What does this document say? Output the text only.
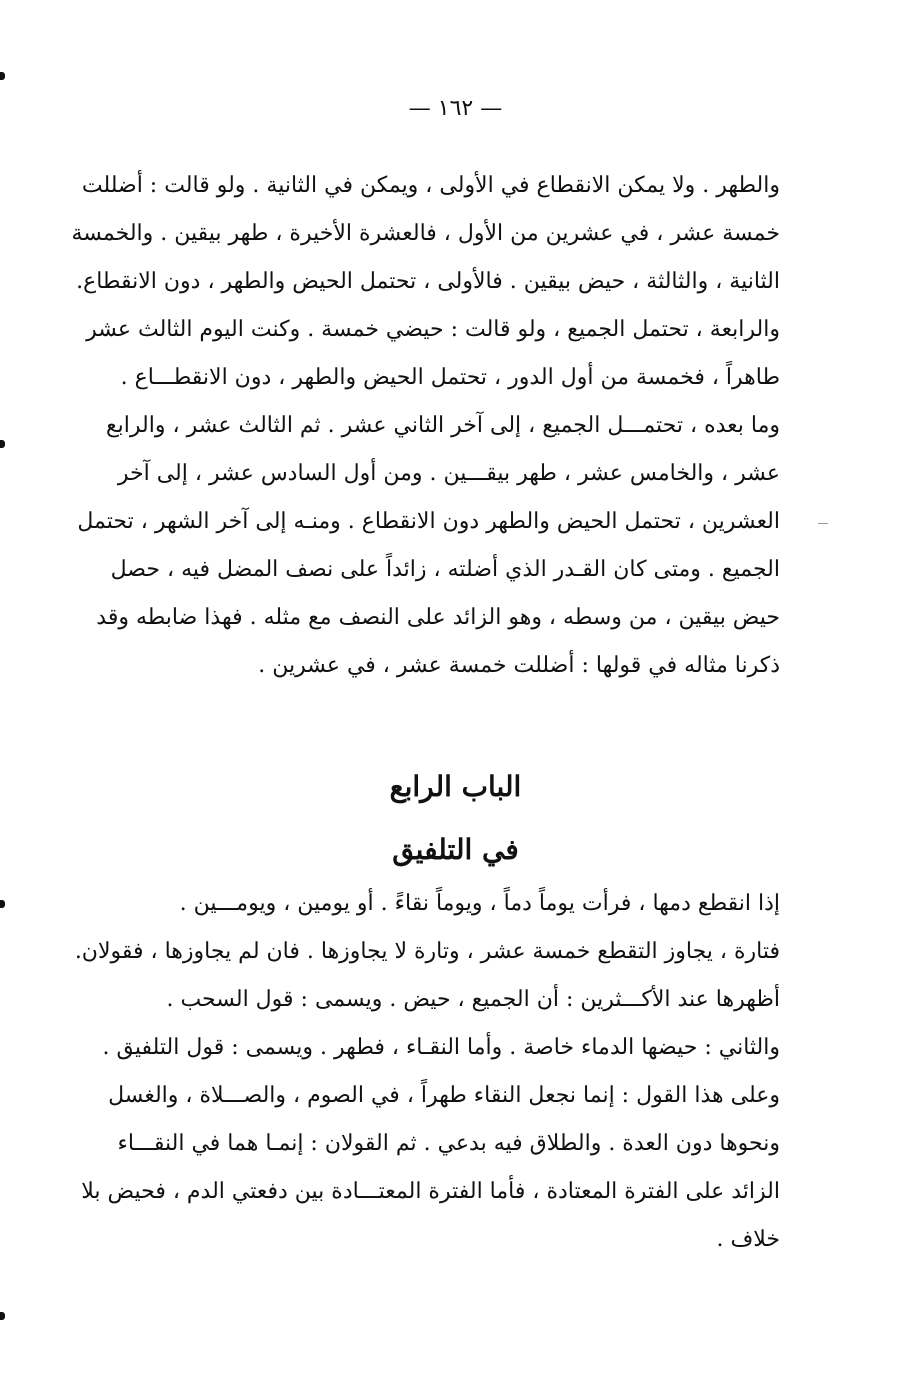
— ١٦٢ —
والطهر . ولا يمكن الانقطاع في الأولى ، ويمكن في الثانية . ولو قالت : أضللت
خمسة عشر ، في عشرين من الأول ، فالعشرة الأخيرة ، طهر بيقين . والخمسة
الثانية ، والثالثة ، حيض بيقين . فالأولى ، تحتمل الحيض والطهر ، دون الانقطاع.
والرابعة ، تحتمل الجميع ، ولو قالت : حيضي خمسة . وكنت اليوم الثالث عشر
طاهراً ، فخمسة من أول الدور ، تحتمل الحيض والطهر ، دون الانقطـــاع .
وما بعده ، تحتمـــل الجميع ، إلى آخر الثاني عشر . ثم الثالث عشر ، والرابع
عشر ، والخامس عشر ، طهر بيقـــين . ومن أول السادس عشر ، إلى آخر
العشرين ، تحتمل الحيض والطهر دون الانقطاع . ومنـه إلى آخر الشهر ، تحتمل
الجميع . ومتى كان القـدر الذي أضلته ، زائداً على نصف المضل فيه ، حصل
حيض بيقين ، من وسطه ، وهو الزائد على النصف مع مثله . فهذا ضابطه وقد
ذكرنا مثاله في قولها : أضللت خمسة عشر ، في عشرين .
الباب الرابع
في التلفيق
إذا انقطع دمها ، فرأت يوماً دماً ، ويوماً نقاءً . أو يومين ، ويومـــين .
فتارة ، يجاوز التقطع خمسة عشر ، وتارة لا يجاوزها . فان لم يجاوزها ، فقولان.
أظهرها عند الأكـــثرين : أن الجميع ، حيض . ويسمى : قول السحب .
والثاني : حيضها الدماء خاصة . وأما النقـاء ، فطهر . ويسمى : قول التلفيق .
وعلى هذا القول : إنما نجعل النقاء طهراً ، في الصوم ، والصـــلاة ، والغسل
ونحوها دون العدة . والطلاق فيه بدعي . ثم القولان : إنمـا هما في النقـــاء
الزائد على الفترة المعتادة ، فأما الفترة المعتـــادة بين دفعتي الدم ، فحيض بلا
خلاف .
